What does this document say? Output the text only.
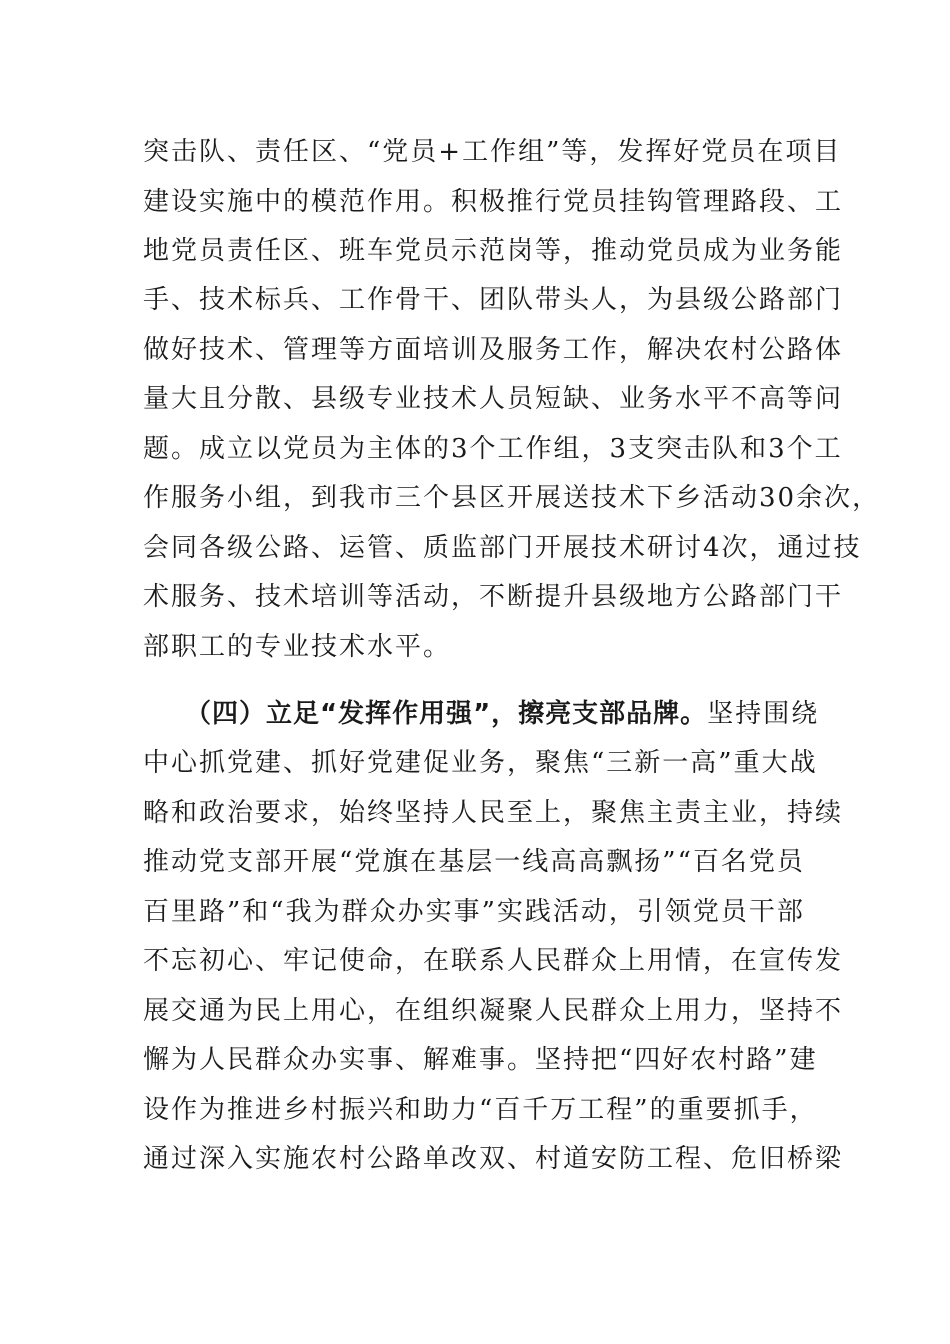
突击队、责任区、“党员+工作组”等，发挥好党员在项目
建设实施中的模范作用。积极推行党员挂钩管理路段、工
地党员责任区、班车党员示范岗等，推动党员成为业务能
手、技术标兵、工作骨干、团队带头人，为县级公路部门
做好技术、管理等方面培训及服务工作，解决农村公路体
量大且分散、县级专业技术人员短缺、业务水平不高等问
题。成立以党员为主体的3个工作组，3支突击队和3个工
作服务小组，到我市三个县区开展送技术下乡活动30余次，
会同各级公路、运管、质监部门开展技术研讨4次，通过技
术服务、技术培训等活动，不断提升县级地方公路部门干
部职工的专业技术水平。
（四）立足“发挥作用强”，擦亮支部品牌。坚持围绕
中心抓党建、抓好党建促业务，聚焦“三新一高”重大战
略和政治要求，始终坚持人民至上，聚焦主责主业，持续
推动党支部开展“党旗在基层一线高高飘扬”“百名党员
百里路”和“我为群众办实事”实践活动，引领党员干部
不忘初心、牢记使命，在联系人民群众上用情，在宣传发
展交通为民上用心，在组织凝聚人民群众上用力，坚持不
懈为人民群众办实事、解难事。坚持把“四好农村路”建
设作为推进乡村振兴和助力“百千万工程”的重要抓手，
通过深入实施农村公路单改双、村道安防工程、危旧桥梁
